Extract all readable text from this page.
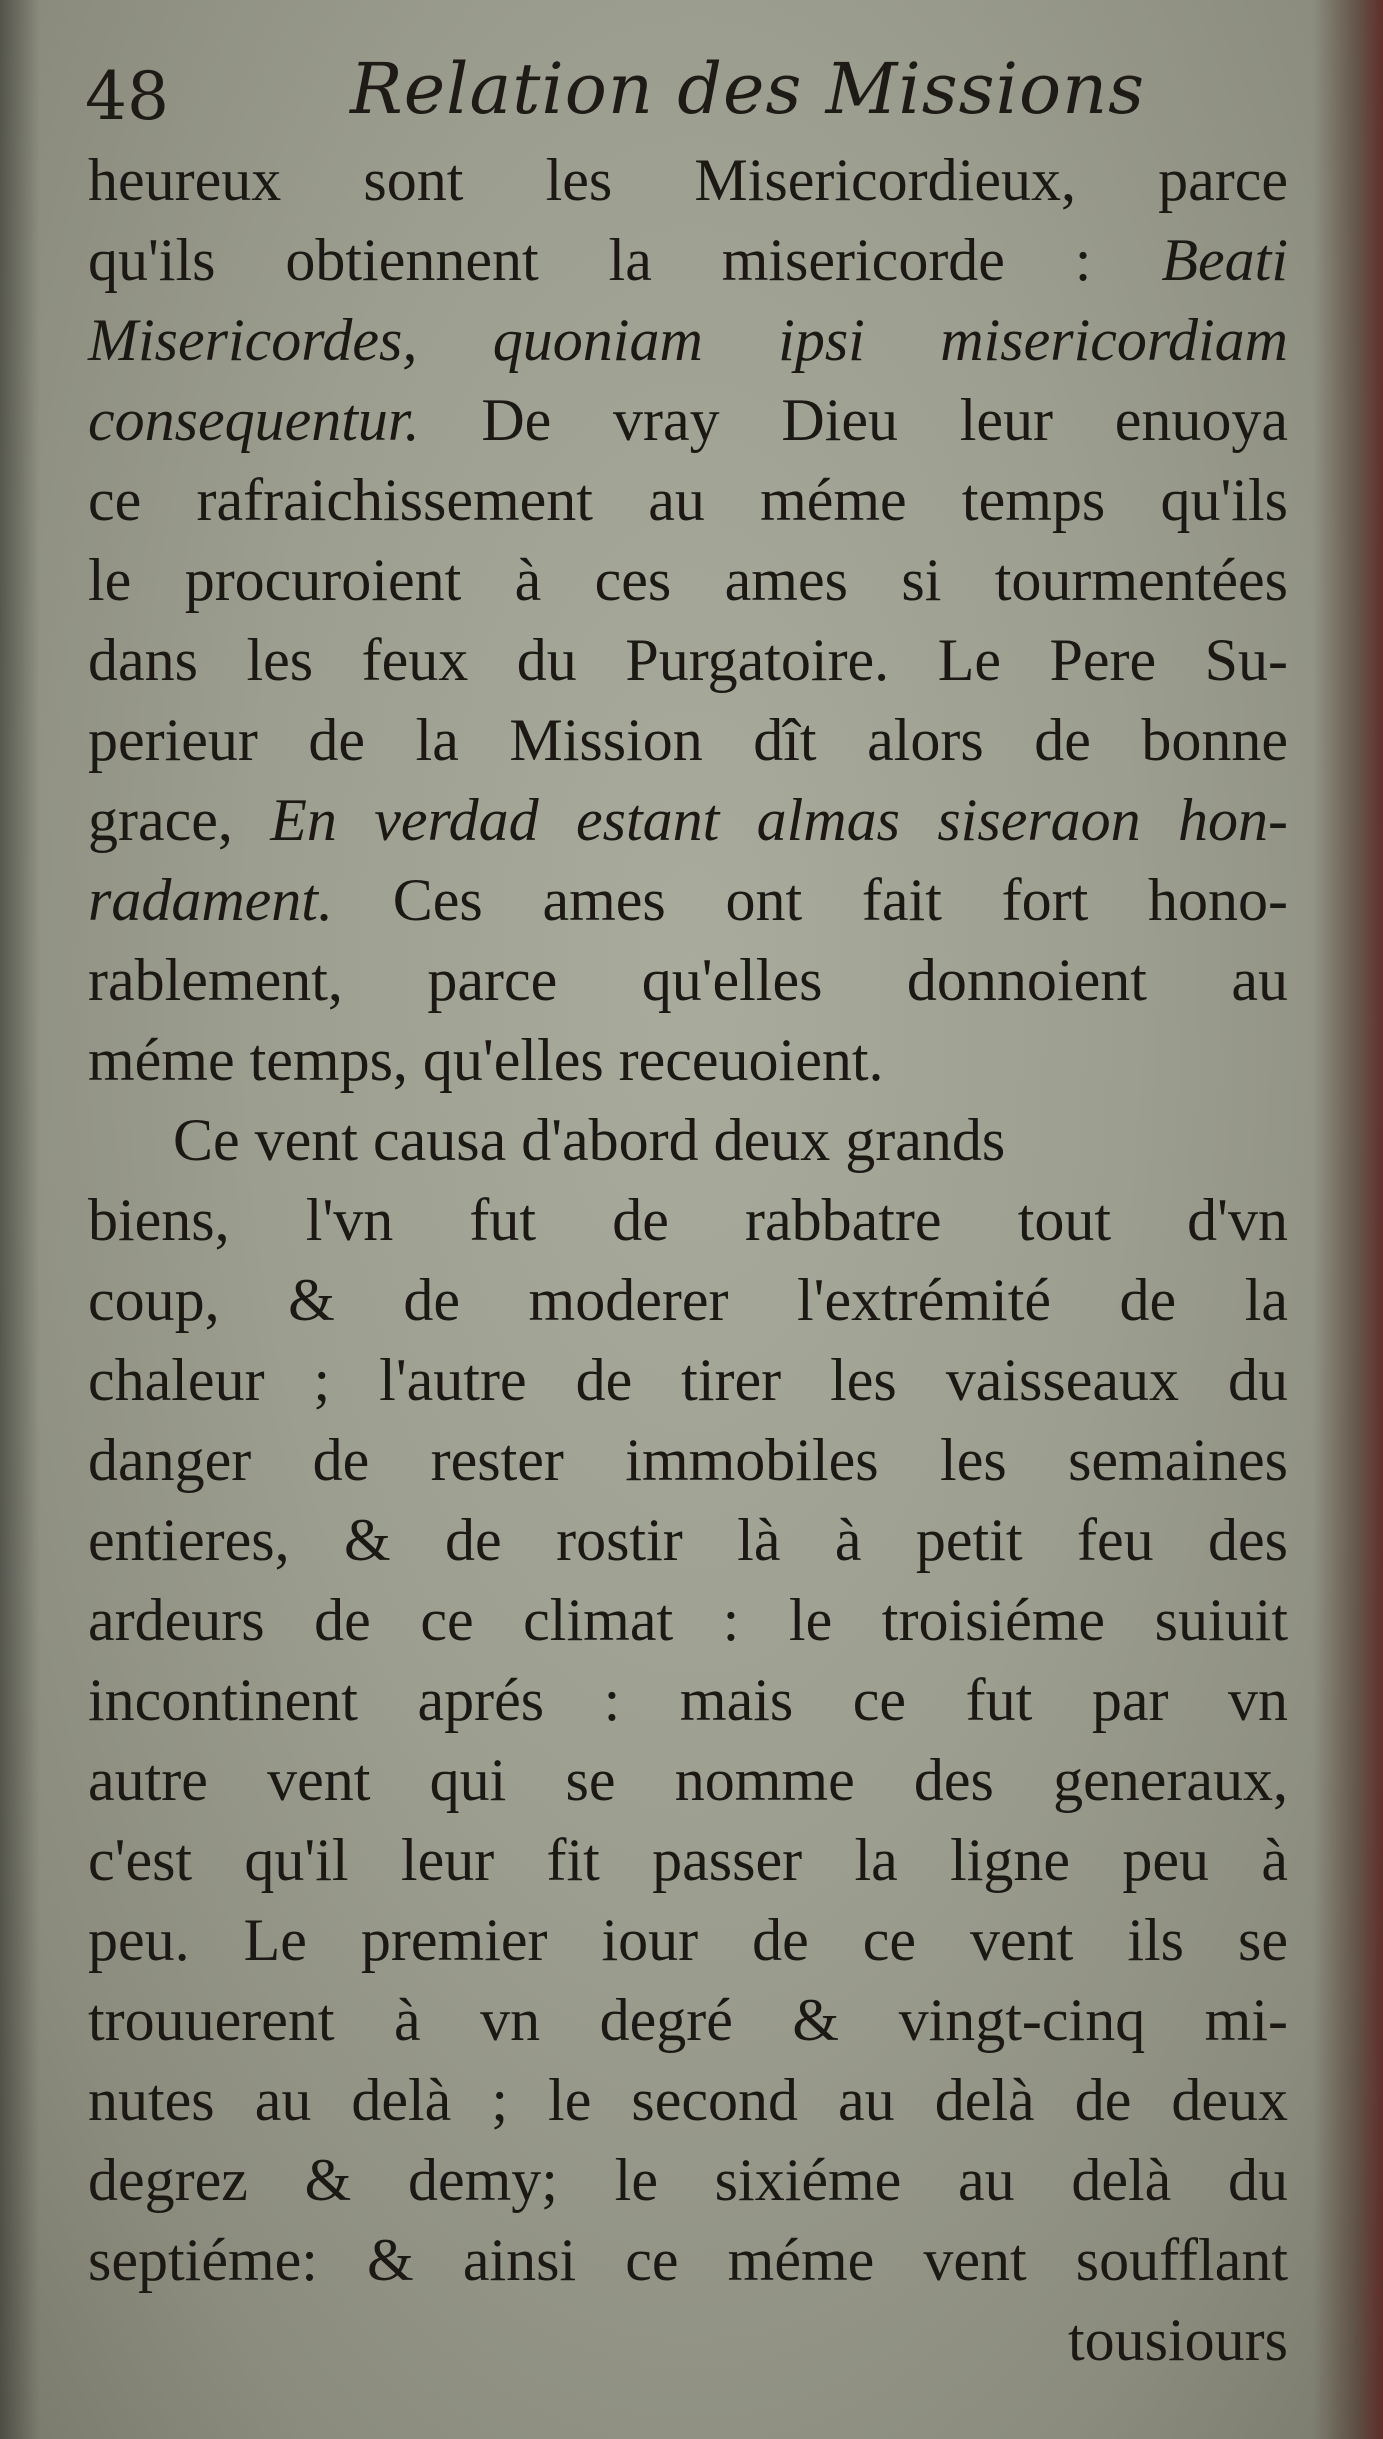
48	Relation des Missions
heureux sont les Misericordieux, parce
qu'ils obtiennent la misericorde : Beati
Misericordes, quoniam ipsi misericordiam
consequentur. De vray Dieu leur enuoya
ce rafraichissement au méme temps qu'ils
le procuroient à ces ames si tourmentées
dans les feux du Purgatoire. Le Pere Su-
perieur de la Mission dît alors de bonne
grace, En verdad estant almas siseraon hon-
radament. Ces ames ont fait fort hono-
rablement, parce qu'elles donnoient au
méme temps, qu'elles receuoient.
Ce vent causa d'abord deux grands
biens, l'vn fut de rabbatre tout d'vn
coup, & de moderer l'extrémité de la
chaleur ; l'autre de tirer les vaisseaux du
danger de rester immobiles les semaines
entieres, & de rostir là à petit feu des
ardeurs de ce climat : le troisiéme suiuit
incontinent aprés : mais ce fut par vn
autre vent qui se nomme des generaux,
c'est qu'il leur fit passer la ligne peu à
peu. Le premier iour de ce vent ils se
trouuerent à vn degré & vingt-cinq mi-
nutes au delà ; le second au delà de deux
degrez & demy; le sixiéme au delà du
septiéme: & ainsi ce méme vent soufflant
tousiours
